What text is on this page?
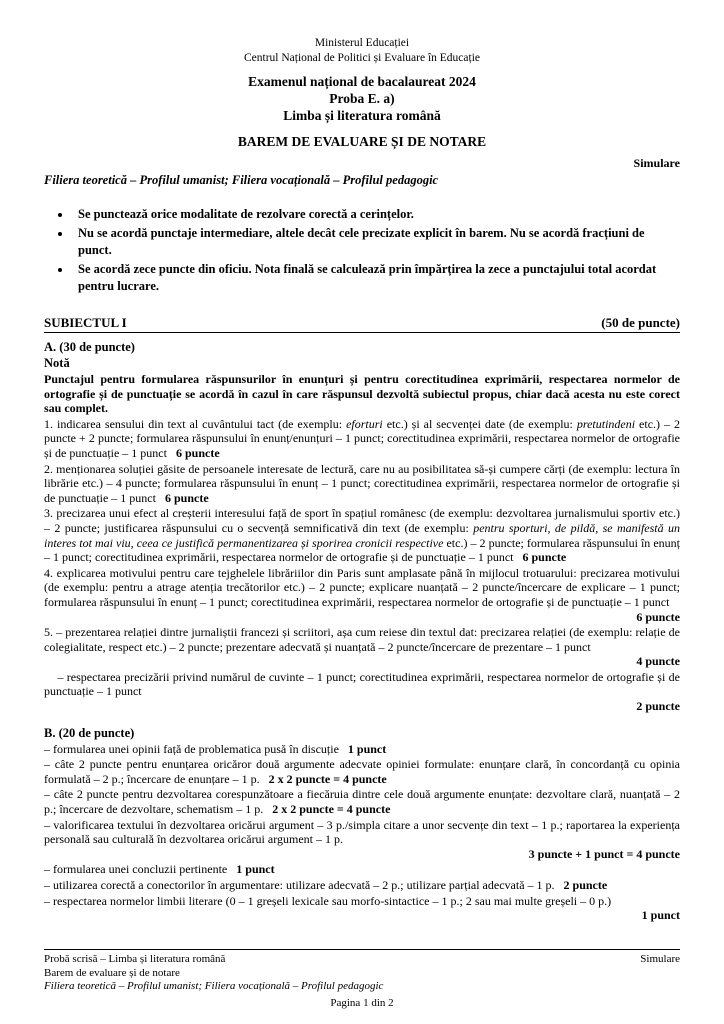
Ministerul Educației
Centrul Național de Politici și Evaluare în Educație
Examenul național de bacalaureat 2024
Proba E. a)
Limba și literatura română
BAREM DE EVALUARE ȘI DE NOTARE
Simulare
Filiera teoretică – Profilul umanist; Filiera vocațională – Profilul pedagogic
• Se punctează orice modalitate de rezolvare corectă a cerințelor.
• Nu se acordă punctaje intermediare, altele decât cele precizate explicit în barem. Nu se acordă fracțiuni de punct.
• Se acordă zece puncte din oficiu. Nota finală se calculează prin împărțirea la zece a punctajului total acordat pentru lucrare.
SUBIECTUL I	(50 de puncte)
A. (30 de puncte)
Notă
Punctajul pentru formularea răspunsurilor în enunțuri și pentru corectitudinea exprimării, respectarea normelor de ortografie și de punctuație se acordă în cazul în care răspunsul dezvoltă subiectul propus, chiar dacă acesta nu este corect sau complet.
1. indicarea sensului din text al cuvântului tact (de exemplu: eforturi etc.) și al secvenței date (de exemplu: pretutindeni etc.) – 2 puncte + 2 puncte; formularea răspunsului în enunț/enunțuri – 1 punct; corectitudinea exprimării, respectarea normelor de ortografie și de punctuație – 1 punct   6 puncte
2. menționarea soluției găsite de persoanele interesate de lectură, care nu au posibilitatea să-și cumpere cărți (de exemplu: lectura în librărie etc.) – 4 puncte; formularea răspunsului în enunț – 1 punct; corectitudinea exprimării, respectarea normelor de ortografie și de punctuație – 1 punct   6 puncte
3. precizarea unui efect al creșterii interesului față de sport în spațiul românesc (de exemplu: dezvoltarea jurnalismului sportiv etc.) – 2 puncte; justificarea răspunsului cu o secvență semnificativă din text (de exemplu: pentru sporturi, de pildă, se manifestă un interes tot mai viu, ceea ce justifică permanentizarea și sporirea cronicii respective etc.) – 2 puncte; formularea răspunsului în enunț – 1 punct; corectitudinea exprimării, respectarea normelor de ortografie și de punctuație – 1 punct   6 puncte
4. explicarea motivului pentru care tejghelele librăriilor din Paris sunt amplasate până în mijlocul trotuarului: precizarea motivului (de exemplu: pentru a atrage atenția trecătorilor etc.) – 2 puncte; explicare nuanțată – 2 puncte/încercare de explicare – 1 punct; formularea răspunsului în enunț – 1 punct; corectitudinea exprimării, respectarea normelor de ortografie și de punctuație – 1 punct
6 puncte
5. – prezentarea relației dintre jurnaliștii francezi și scriitori, așa cum reiese din textul dat: precizarea relației (de exemplu: relație de colegialitate, respect etc.) – 2 puncte; prezentare adecvată și nuanțată – 2 puncte/încercare de prezentare – 1 punct
4 puncte
– respectarea precizării privind numărul de cuvinte – 1 punct; corectitudinea exprimării, respectarea normelor de ortografie și de punctuație – 1 punct
2 puncte
B. (20 de puncte)
– formularea unei opinii față de problematica pusă în discuție   1 punct
– câte 2 puncte pentru enunțarea oricăror două argumente adecvate opiniei formulate: enunțare clară, în concordanță cu opinia formulată – 2 p.; încercare de enunțare – 1 p.   2 x 2 puncte = 4 puncte
– câte 2 puncte pentru dezvoltarea corespunzătoare a fiecăruia dintre cele două argumente enunțate: dezvoltare clară, nuanțată – 2 p.; încercare de dezvoltare, schematism – 1 p.   2 x 2 puncte = 4 puncte
– valorificarea textului în dezvoltarea oricărui argument – 3 p./simpla citare a unor secvențe din text – 1 p.; raportarea la experiența personală sau culturală în dezvoltarea oricărui argument – 1 p.
3 puncte + 1 punct = 4 puncte
– formularea unei concluzii pertinente   1 punct
– utilizarea corectă a conectorilor în argumentare: utilizare adecvată – 2 p.; utilizare parțial adecvată – 1 p.   2 puncte
– respectarea normelor limbii literare (0 – 1 greșeli lexicale sau morfo-sintactice – 1 p.; 2 sau mai multe greșeli – 0 p.)
1 punct
Probă scrisă – Limba și literatura română
Barem de evaluare și de notare
Filiera teoretică – Profilul umanist; Filiera vocațională – Profilul pedagogic
Simulare
Pagina 1 din 2
